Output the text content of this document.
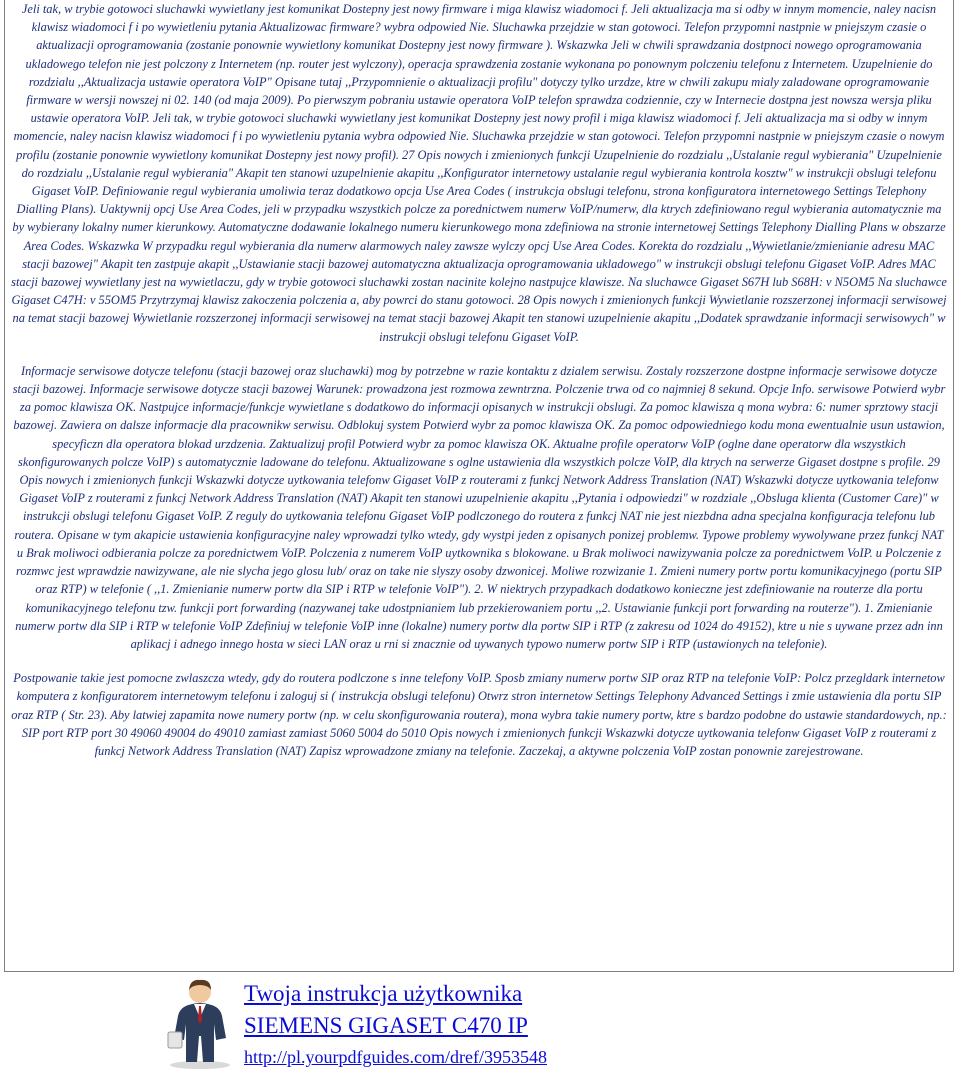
Jeli tak, w trybie gotowoci sluchawki wywietlany jest komunikat Dostepny jest nowy firmware i miga klawisz wiadomoci f. Jeli aktualizacja ma si odby w innym momencie, naley nacisn klawisz wiadomoci f i po wywietleniu pytania Aktualizowac firmware? wybra odpowied Nie. Sluchawka przejdzie w stan gotowoci. Telefon przypomni nastpnie w pniejszym czasie o aktualizacji oprogramowania (zostanie ponownie wywietlony komunikat Dostepny jest nowy firmware ). Wskazwka Jeli w chwili sprawdzania dostpnoci nowego oprogramowania ukladowego telefon nie jest polczony z Internetem (np. router jest wylczony), operacja sprawdzenia zostanie wykonana po ponownym polczeniu telefonu z Internetem. Uzupelnienie do rozdzialu ,,Aktualizacja ustawie operatora VoIP" Opisane tutaj ,,Przypomnienie o aktualizacji profilu" dotyczy tylko urzdze, ktre w chwili zakupu mialy zaladowane oprogramowanie firmware w wersji nowszej ni 02. 140 (od maja 2009). Po pierwszym pobraniu ustawie operatora VoIP telefon sprawdza codziennie, czy w Internecie dostpna jest nowsza wersja pliku ustawie operatora VoIP. Jeli tak, w trybie gotowoci sluchawki wywietlany jest komunikat Dostepny jest nowy profil i miga klawisz wiadomoci f. Jeli aktualizacja ma si odby w innym momencie, naley nacisn klawisz wiadomoci f i po wywietleniu pytania wybra odpowied Nie. Sluchawka przejdzie w stan gotowoci. Telefon przypomni nastpnie w pniejszym czasie o nowym profilu (zostanie ponownie wywietlony komunikat Dostepny jest nowy profil). 27 Opis nowych i zmienionych funkcji Uzupelnienie do rozdzialu ,,Ustalanie regul wybierania" Uzupelnienie do rozdzialu ,,Ustalanie regul wybierania" Akapit ten stanowi uzupelnienie akapitu ,,Konfigurator internetowy ustalanie regul wybierania kontrola kosztw" w instrukcji obslugi telefonu Gigaset VoIP. Definiowanie regul wybierania umoliwia teraz dodatkowo opcja Use Area Codes ( instrukcja obslugi telefonu, strona konfiguratora internetowego Settings Telephony Dialling Plans). Uaktywnij opcj Use Area Codes, jeli w przypadku wszystkich polcze za porednictwem numerw VoIP/numerw, dla ktrych zdefiniowano regul wybierania automatycznie ma by wybierany lokalny numer kierunkowy. Automatyczne dodawanie lokalnego numeru kierunkowego mona zdefiniowa na stronie internetowej Settings Telephony Dialling Plans w obszarze Area Codes. Wskazwka W przypadku regul wybierania dla numerw alarmowych naley zawsze wylczy opcj Use Area Codes. Korekta do rozdzialu ,,Wywietlanie/zmienianie adresu MAC stacji bazowej" Akapit ten zastpuje akapit ,,Ustawianie stacji bazowej automatyczna aktualizacja oprogramowania ukladowego" w instrukcji obslugi telefonu Gigaset VoIP. Adres MAC stacji bazowej wywietlany jest na wywietlaczu, gdy w trybie gotowoci sluchawki zostan nacinite kolejno nastpujce klawisze. Na sluchawce Gigaset S67H lub S68H: v N5OM5 Na sluchawce Gigaset C47H: v 55OM5 Przytrzymaj klawisz zakoczenia polczenia a, aby powrci do stanu gotowoci. 28 Opis nowych i zmienionych funkcji Wywietlanie rozszerzonej informacji serwisowej na temat stacji bazowej Wywietlanie rozszerzonej informacji serwisowej na temat stacji bazowej Akapit ten stanowi uzupelnienie akapitu ,,Dodatek sprawdzanie informacji serwisowych" w instrukcji obslugi telefonu Gigaset VoIP.

Informacje serwisowe dotycze telefonu (stacji bazowej oraz sluchawki) mog by potrzebne w razie kontaktu z dzialem serwisu. Zostaly rozszerzone dostpne informacje serwisowe dotycze stacji bazowej. Informacje serwisowe dotycze stacji bazowej Warunek: prowadzona jest rozmowa zewntrzna. Polczenie trwa od co najmniej 8 sekund. Opcje Info. serwisowe Potwierd wybr za pomoc klawisza OK. Nastpujce informacje/funkcje wywietlane s dodatkowo do informacji opisanych w instrukcji obslugi. Za pomoc klawisza q mona wybra: 6: numer sprztowy stacji bazowej. Zawiera on dalsze informacje dla pracownikw serwisu. Odblokuj system Potwierd wybr za pomoc klawisza OK. Za pomoc odpowiedniego kodu mona ewentualnie usun ustawion, specyficzn dla operatora blokad urzdzenia. Zaktualizuj profil Potwierd wybr za pomoc klawisza OK. Aktualne profile operatorw VoIP (oglne dane operatorw dla wszystkich skonfigurowanych polcze VoIP) s automatycznie ladowane do telefonu. Aktualizowane s oglne ustawienia dla wszystkich polcze VoIP, dla ktrych na serwerze Gigaset dostpne s profile. 29 Opis nowych i zmienionych funkcji Wskazwki dotycze uytkowania telefonw Gigaset VoIP z routerami z funkcj Network Address Translation (NAT) Wskazwki dotycze uytkowania telefonw Gigaset VoIP z routerami z funkcj Network Address Translation (NAT) Akapit ten stanowi uzupelnienie akapitu ,,Pytania i odpowiedzi" w rozdziale ,,Obsluga klienta (Customer Care)" w instrukcji obslugi telefonu Gigaset VoIP. Z reguly do uytkowania telefonu Gigaset VoIP podlczonego do routera z funkcj NAT nie jest niezbdna adna specjalna konfiguracja telefonu lub routera. Opisane w tym akapicie ustawienia konfiguracyjne naley wprowadzi tylko wtedy, gdy wystpi jeden z opisanych ponizej problemw. Typowe problemy wywolywane przez funkcj NAT u Brak moliwoci odbierania polcze za porednictwem VoIP. Polczenia z numerem VoIP uytkownika s blokowane. u Brak moliwoci nawizywania polcze za porednictwem VoIP. u Polczenie z rozmwc jest wprawdzie nawizywane, ale nie slycha jego glosu lub/ oraz on take nie slyszy osoby dzwonicej. Moliwe rozwizanie 1. Zmieni numery portw portu komunikacyjnego (portu SIP oraz RTP) w telefonie ( ,,1. Zmienianie numerw portw dla SIP i RTP w telefonie VoIP"). 2. W niektrych przypadkach dodatkowo konieczne jest zdefiniowanie na routerze dla portu komunikacyjnego telefonu tzw. funkcji port forwarding (nazywanej take udostpnianiem lub przekierowaniem portu ,,2. Ustawianie funkcji port forwarding na routerze"). 1. Zmienianie numerw portw dla SIP i RTP w telefonie VoIP Zdefiniuj w telefonie VoIP inne (lokalne) numery portw dla portw SIP i RTP (z zakresu od 1024 do 49152), ktre u nie s uywane przez adn inn aplikacj i adnego innego hosta w sieci LAN oraz u rni si znacznie od uywanych typowo numerw portw SIP i RTP (ustawionych na telefonie).

Postpowanie takie jest pomocne zwlaszcza wtedy, gdy do routera podlczone s inne telefony VoIP. Sposb zmiany numerw portw SIP oraz RTP na telefonie VoIP: Polcz przegldark internetow komputera z konfiguratorem internetowym telefonu i zaloguj si ( instrukcja obslugi telefonu) Otwrz stron internetow Settings Telephony Advanced Settings i zmie ustawienia dla portu SIP oraz RTP ( Str. 23). Aby latwiej zapamita nowe numery portw (np. w celu skonfigurowania routera), mona wybra takie numery portw, ktre s bardzo podobne do ustawie standardowych, np.: SIP port RTP port 30 49060 49004 do 49010 zamiast zamiast 5060 5004 do 5010 Opis nowych i zmienionych funkcji Wskazwki dotycze uytkowania telefonw Gigaset VoIP z routerami z funkcj Network Address Translation (NAT) Zapisz wprowadzone zmiany na telefonie. Zaczekaj, a aktywne polczenia VoIP zostan ponownie zarejestrowane.

Twoja instrukcja użytkownika
SIEMENS GIGASET C470 IP
http://pl.yourpdfguides.com/dref/3953548
